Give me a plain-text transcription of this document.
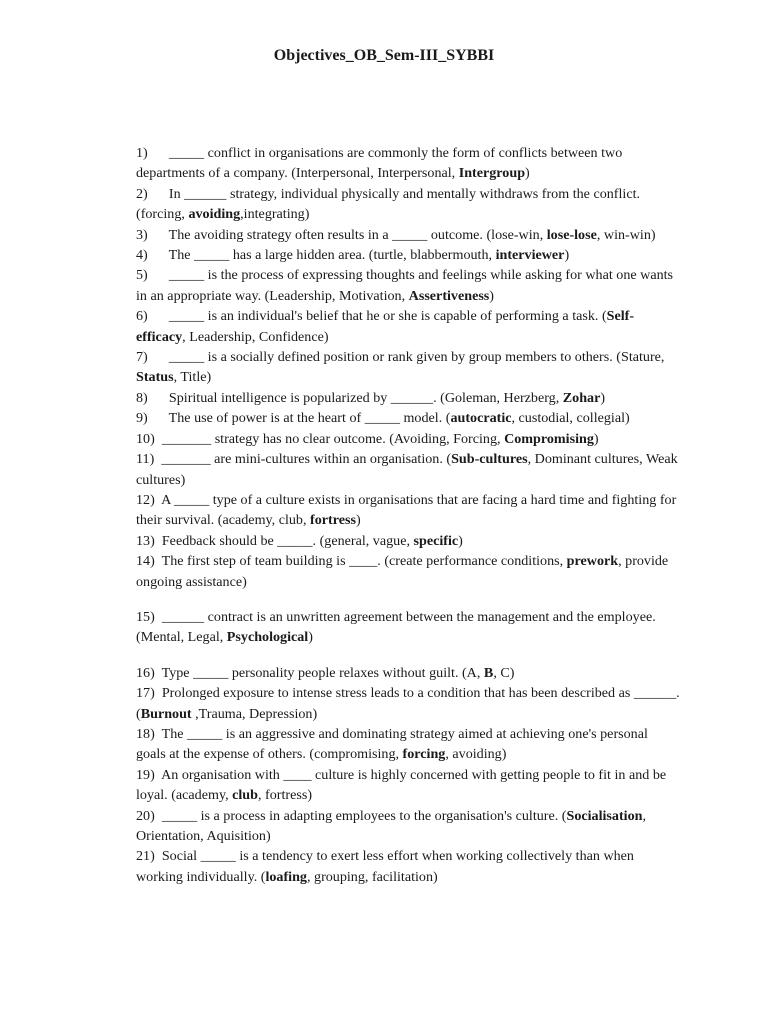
Objectives_OB_Sem-III_SYBBI

1) _____ conflict in organisations are commonly the form of conflicts between two departments of a company. (Interpersonal, Interpersonal, Intergroup)

2) In ______ strategy, individual physically and mentally withdraws from the conflict. (forcing, avoiding,integrating)

3) The avoiding strategy often results in a _____ outcome. (lose-win, lose-lose, win-win)

4) The _____ has a large hidden area. (turtle, blabbermouth, interviewer)

5) _____ is the process of expressing thoughts and feelings while asking for what one wants in an appropriate way. (Leadership, Motivation, Assertiveness)

6) _____ is an individual's belief that he or she is capable of performing a task. (Self-efficacy, Leadership, Confidence)

7) _____ is a socially defined position or rank given by group members to others. (Stature, Status, Title)

8) Spiritual intelligence is popularized by ______. (Goleman, Herzberg, Zohar)

9) The use of power is at the heart of _____ model. (autocratic, custodial, collegial)

10) _______ strategy has no clear outcome. (Avoiding, Forcing, Compromising)

11) _______ are mini-cultures within an organisation. (Sub-cultures, Dominant cultures, Weak cultures)

12) A _____ type of a culture exists in organisations that are facing a hard time and fighting for their survival. (academy, club, fortress)

13) Feedback should be _____. (general, vague, specific)

14) The first step of team building is ____. (create performance conditions, prework, provide ongoing assistance)

15) ______ contract is an unwritten agreement between the management and the employee. (Mental, Legal, Psychological)

16) Type _____ personality people relaxes without guilt. (A, B, C)

17) Prolonged exposure to intense stress leads to a condition that has been described as ______. (Burnout ,Trauma, Depression)

18) The _____ is an aggressive and dominating strategy aimed at achieving one's personal goals at the expense of others. (compromising, forcing, avoiding)

19) An organisation with ____ culture is highly concerned with getting people to fit in and be loyal. (academy, club, fortress)

20) _____ is a process in adapting employees to the organisation's culture. (Socialisation, Orientation, Aquisition)

21) Social _____ is a tendency to exert less effort when working collectively than when working individually. (loafing, grouping, facilitation)
